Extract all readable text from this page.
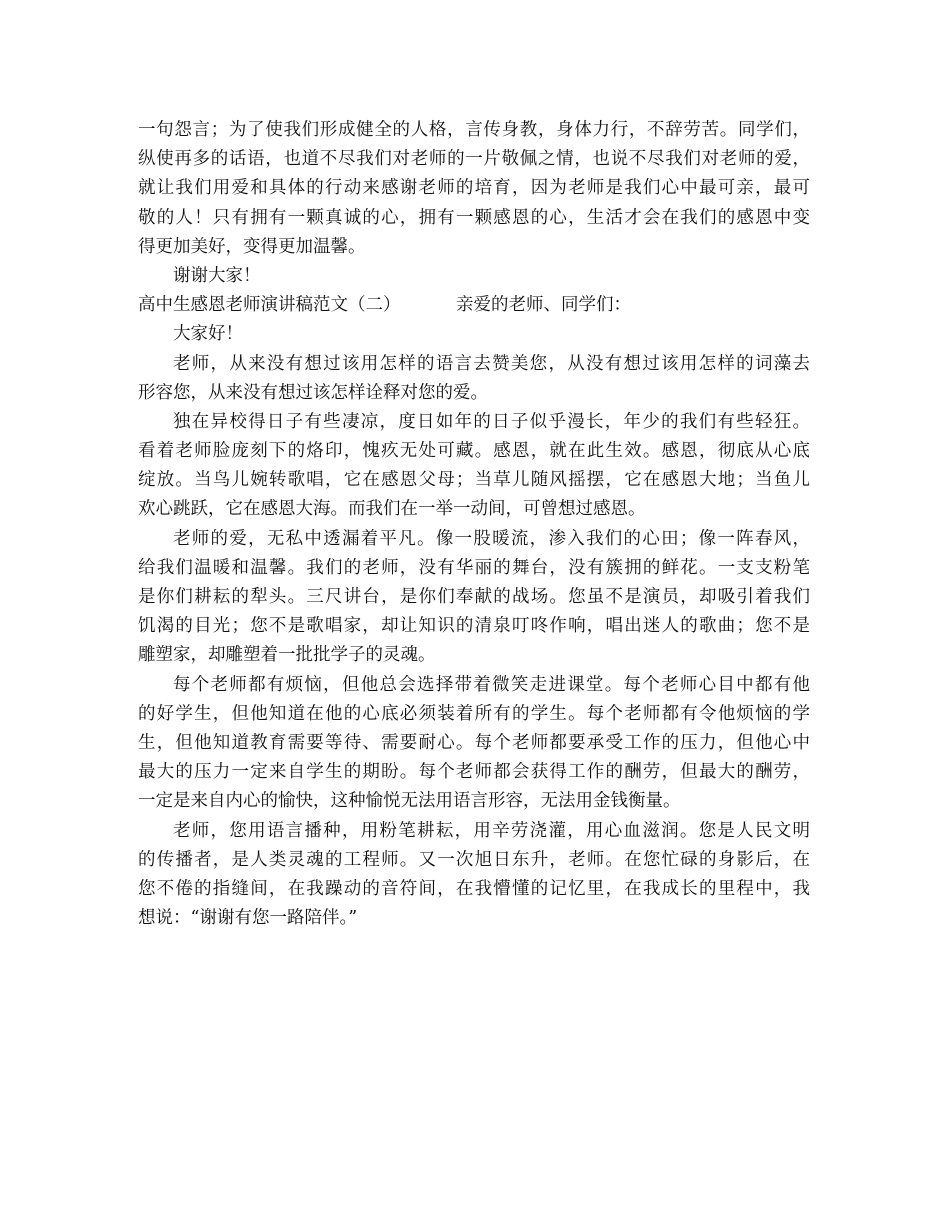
一句怨言；为了使我们形成健全的人格，言传身教，身体力行，不辞劳苦。同学们，
纵使再多的话语，也道不尽我们对老师的一片敬佩之情，也说不尽我们对老师的爱，
就让我们用爱和具体的行动来感谢老师的培育，因为老师是我们心中最可亲，最可
敬的人！只有拥有一颗真诚的心，拥有一颗感恩的心，生活才会在我们的感恩中变
得更加美好，变得更加温馨。
谢谢大家！
高中生感恩老师演讲稿范文（二）	亲爱的老师、同学们：
大家好！
老师，从来没有想过该用怎样的语言去赞美您，从没有想过该用怎样的词藻去
形容您，从来没有想过该怎样诠释对您的爱。
独在异校得日子有些凄凉，度日如年的日子似乎漫长，年少的我们有些轻狂。
看着老师脸庞刻下的烙印，愧疚无处可藏。感恩，就在此生效。感恩，彻底从心底
绽放。当鸟儿婉转歌唱，它在感恩父母；当草儿随风摇摆，它在感恩大地；当鱼儿
欢心跳跃，它在感恩大海。而我们在一举一动间，可曾想过感恩。
老师的爱，无私中透漏着平凡。像一股暖流，渗入我们的心田；像一阵春风，
给我们温暖和温馨。我们的老师，没有华丽的舞台，没有簇拥的鲜花。一支支粉笔
是你们耕耘的犁头。三尺讲台，是你们奉献的战场。您虽不是演员，却吸引着我们
饥渴的目光；您不是歌唱家，却让知识的清泉叮咚作响，唱出迷人的歌曲；您不是
雕塑家，却雕塑着一批批学子的灵魂。
每个老师都有烦恼，但他总会选择带着微笑走进课堂。每个老师心目中都有他
的好学生，但他知道在他的心底必须装着所有的学生。每个老师都有令他烦恼的学
生，但他知道教育需要等待、需要耐心。每个老师都要承受工作的压力，但他心中
最大的压力一定来自学生的期盼。每个老师都会获得工作的酬劳，但最大的酬劳，
一定是来自内心的愉快，这种愉悦无法用语言形容，无法用金钱衡量。
老师，您用语言播种，用粉笔耕耘，用辛劳浇灌，用心血滋润。您是人民文明
的传播者，是人类灵魂的工程师。又一次旭日东升，老师。在您忙碌的身影后，在
您不倦的指缝间，在我躁动的音符间，在我懵懂的记忆里，在我成长的里程中，我
想说：“谢谢有您一路陪伴。”
